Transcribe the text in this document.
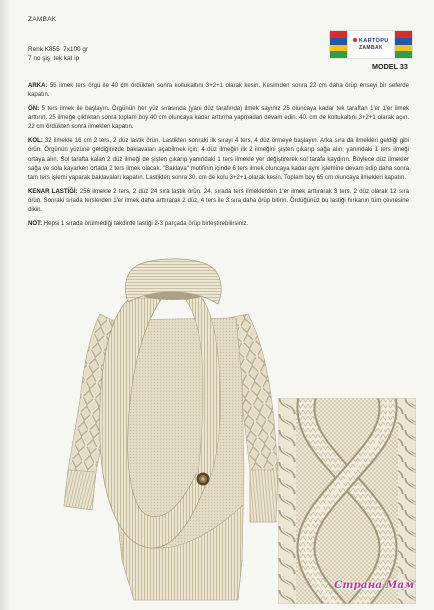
ZAMBAK
Renk K855  7x100 gr
7 no şiş  tek kat ip
KARTOPU
ZAMBAK
MODEL 33

ARKA: 55 ilmek ters örgü ile 40 cm ördükten sonra koltukaltını 3+2+1 olarak kesin. Kesimden sonra 22 cm daha örüp enseyi bir seferde kapatın.

ÖN: 5 ters ilmek ile başlayın. Örgünün her yüz sırasında (yani düz tarafında) ilmek sayınız 25 oluncaya kadar tek taraftan 1'er 1'er ilmek arttırın. 25 ilmeğe çıktıktan sonra toplam boy 40 cm oluncaya kadar arttırma yapmadan devam edin. 40. cm de koltukaltını 3+2+1 olarak açın. 22 cm ördükten sonra ilmekleri kapatın.

KOL: 32 ilmekle 16 cm 2 ters, 2 düz lastik örün. Lastikten sonraki ilk sırayı 4 ters, 4 düz örmeye başlayın. Arka sıra da ilmekleri geldiği gibi örün. Örgünün yüzüne geldiğinizde baklavaları açabilmek için; 4 düz ilmeğin ilk 2 ilmeğini şişten çıkarıp sağa alın, yanındaki 1 ters ilmeği ortaya alın. Sol tarafta kalan 2 düz ilmeği de şişten çıkarıp yanındaki 1 ters ilmekle yer değiştirerek sol tarafa kaydırın. Böylece düz ilmekler sağa ve sola kayarken ortada 2 ters ilmek olacak. "Baklava" motifinin içinde 6 ters ilmek oluncaya kadar aynı işlemine devam edip daha sonra tam ters işlemi yaparak baklavaları kapatın. Lastikten sonra 30. cm de kolu 3+2+1 olarak kesin. Toplam boy 65 cm oluncaya ilmekleri kapatın.

KENAR LASTİĞİ: 256 ilmekle 2 ters, 2 düz 24 sıra lastik örün. 24. sırada ters ilmeklerden 1'er ilmek arttırarak 3 ters, 2 düz olarak 12 sıra örün. Sonraki sırada terslerden 1'er ilmek daha arttırarak 2 düz, 4 ters ile 3 sıra daha örüp bitirin. Ördüğünüz bu lastiği hırkanın tüm çevresine dikin.

NOT: Hepsi 1 sırada örülmediği takdirde lastiği 2-3 parçada örüp birleştirebilirsiniz.

Страна Мам
